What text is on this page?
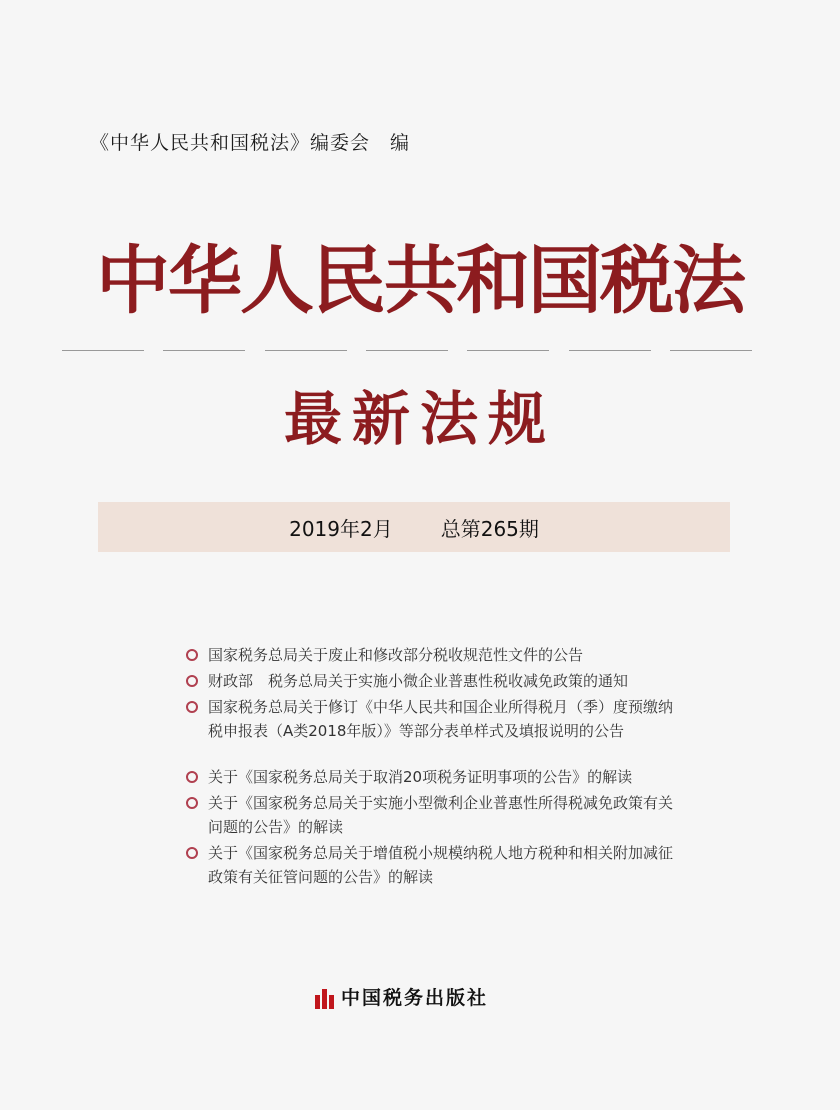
《中华人民共和国税法》编委会　编
中华人民共和国税法
最新法规
2019年2月 总第265期
国家税务总局关于废止和修改部分税收规范性文件的公告
财政部　税务总局关于实施小微企业普惠性税收减免政策的通知
国家税务总局关于修订《中华人民共和国企业所得税月（季）度预缴纳税申报表（A类2018年版）》等部分表单样式及填报说明的公告
关于《国家税务总局关于取消20项税务证明事项的公告》的解读
关于《国家税务总局关于实施小型微利企业普惠性所得税减免政策有关问题的公告》的解读
关于《国家税务总局关于增值税小规模纳税人地方税种和相关附加减征政策有关征管问题的公告》的解读
中国税务出版社
